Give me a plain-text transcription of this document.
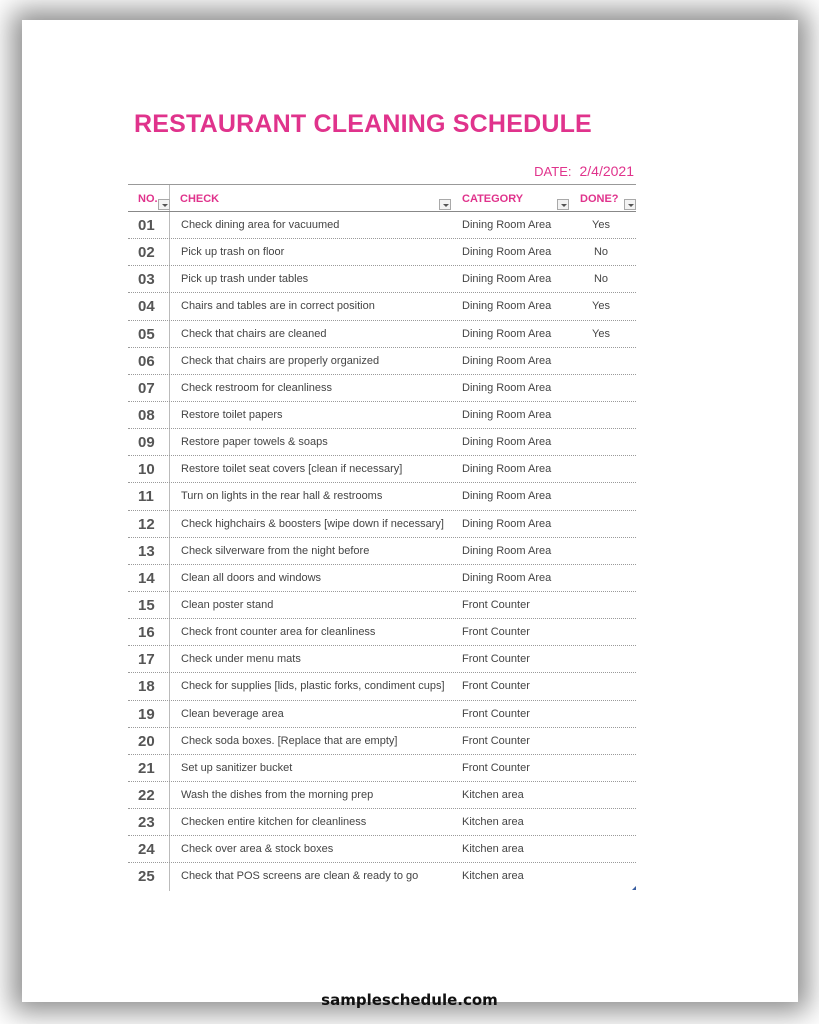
RESTAURANT CLEANING SCHEDULE
DATE: 2/4/2021
NO. CHECK	CATEGORY	DONE?
01	Check dining area for vacuumed	Dining Room Area	Yes
02	Pick up trash on floor	Dining Room Area	No
03	Pick up trash under tables	Dining Room Area	No
04	Chairs and tables are in correct position	Dining Room Area	Yes
05	Check that chairs are cleaned	Dining Room Area	Yes
06	Check that chairs are properly organized	Dining Room Area
07	Check restroom for cleanliness	Dining Room Area
08	Restore toilet papers	Dining Room Area
09	Restore paper towels & soaps	Dining Room Area
10	Restore toilet seat covers [clean if necessary]	Dining Room Area
11	Turn on lights in the rear hall & restrooms	Dining Room Area
12	Check highchairs & boosters [wipe down if necessary] Dining Room Area
13	Check silverware from the night before	Dining Room Area
14	Clean all doors and windows	Dining Room Area
15	Clean poster stand	Front Counter
16	Check front counter area for cleanliness	Front Counter
17	Check under menu mats	Front Counter
18	Check for supplies [lids, plastic forks, condiment cups] Front Counter
19	Clean beverage area	Front Counter
20	Check soda boxes. [Replace that are empty]	Front Counter
21	Set up sanitizer bucket	Front Counter
22	Wash the dishes from the morning prep	Kitchen area
23	Checken entire kitchen for cleanliness	Kitchen area
24	Check over area & stock boxes	Kitchen area
25	Check that POS screens are clean & ready to go	Kitchen area
sampleschedule.com
